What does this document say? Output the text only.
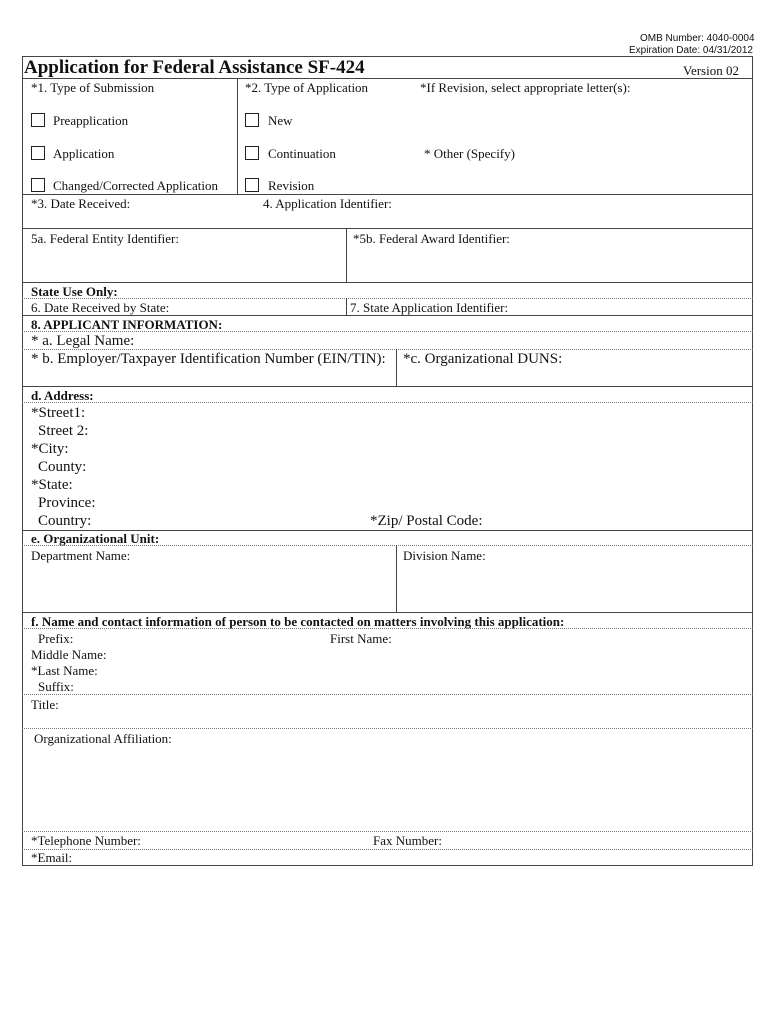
OMB Number: 4040-0004
Expiration Date: 04/31/2012
Application for Federal Assistance SF-424	Version 02
*1. Type of Submission	*2. Type of Application	*If Revision, select appropriate letter(s):
Preapplication
Application
Changed/Corrected Application
New
Continuation
Revision
* Other (Specify)
*3. Date Received:	4. Application Identifier:
5a. Federal Entity Identifier:	*5b. Federal Award Identifier:
State Use Only:
6. Date Received by State:	7. State Application Identifier:
8. APPLICANT INFORMATION:
* a. Legal Name:
* b. Employer/Taxpayer Identification Number (EIN/TIN): *c. Organizational DUNS:
d. Address:
*Street1:
Street 2:
*City:
County:
*State:
Province:
Country:	*Zip/ Postal Code:
e. Organizational Unit:
Department Name:	Division Name:
f. Name and contact information of person to be contacted on matters involving this application:
Prefix:	First Name:
Middle Name:
*Last Name:
Suffix:
Title:
Organizational Affiliation:
*Telephone Number:	Fax Number:
*Email:
